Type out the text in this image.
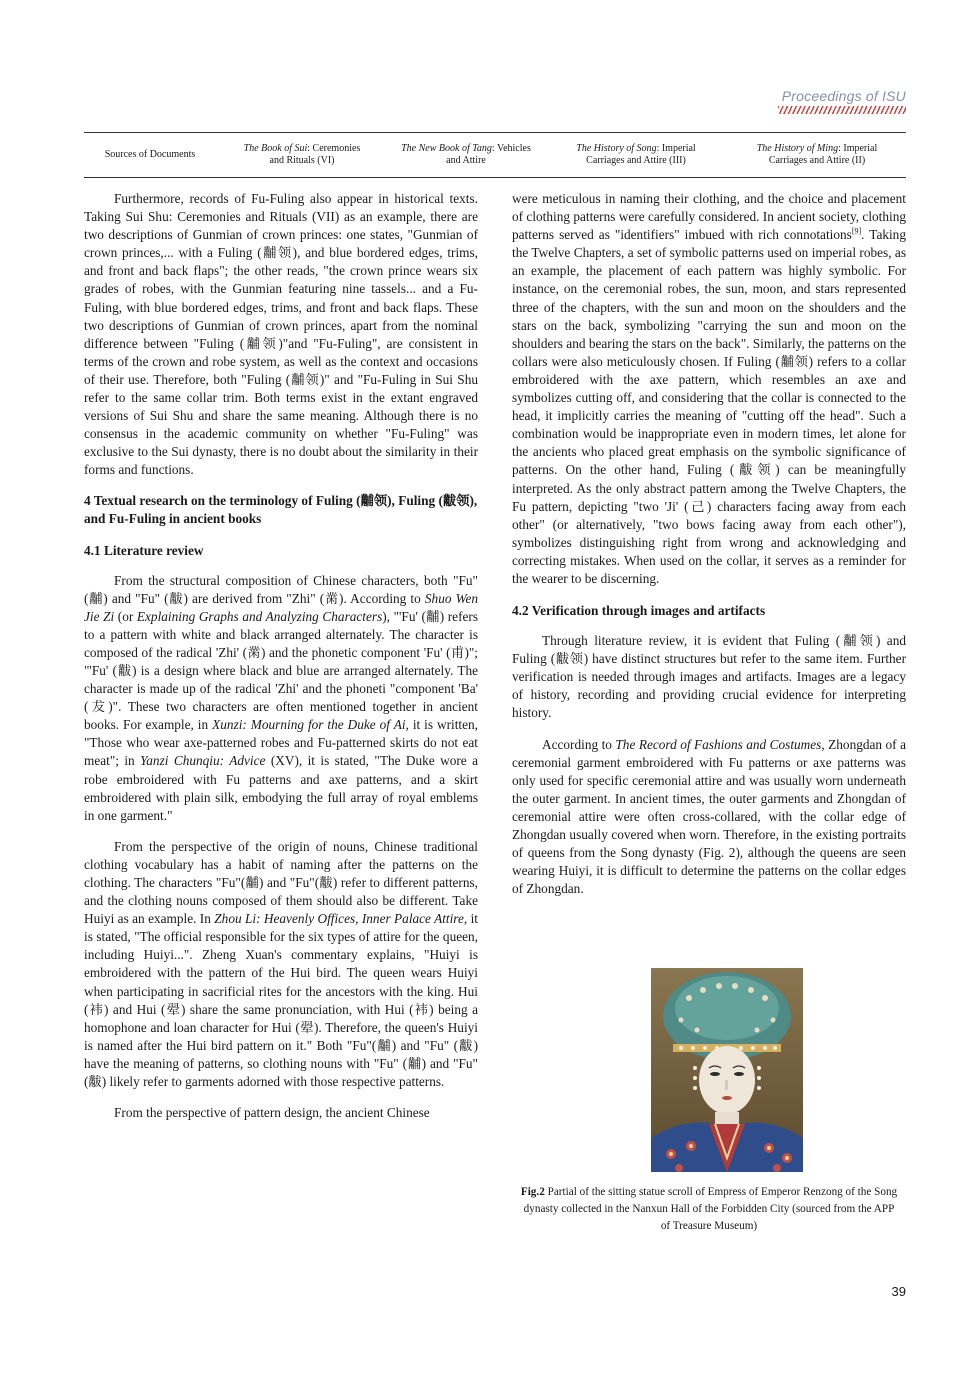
Proceedings of ISU
Sources of Documents
The Book of Sui: Ceremonies
and Rituals (VI)
The New Book of Tang: Vehicles
and Attire
The History of Song: Imperial
Carriages and Attire (III)
The History of Ming: Imperial
Carriages and Attire (II)

Furthermore, records of Fu-Fuling also appear in historical texts. Taking Sui Shu: Ceremonies and Rituals (VII) as an example, there are two descriptions of Gunmian of crown princes: one states, "Gunmian of crown princes,... with a Fuling (黼领), and blue bordered edges, trims, and front and back flaps"; the other reads, "the crown prince wears six grades of robes, with the Gunmian featuring nine tassels... and a Fu-Fuling, with blue bordered edges, trims, and front and back flaps. These two descriptions of Gunmian of crown princes, apart from the nominal difference between "Fuling (黼领)"and "Fu-Fuling", are consistent in terms of the crown and robe system, as well as the context and occasions of their use. Therefore, both "Fuling (黼领)" and "Fu-Fuling in Sui Shu refer to the same collar trim. Both terms exist in the extant engraved versions of Sui Shu and share the same meaning. Although there is no consensus in the academic community on whether "Fu-Fuling" was exclusive to the Sui dynasty, there is no doubt about the similarity in their forms and functions.

4 Textual research on the terminology of Fuling (黼领), Fuling (黻领), and Fu-Fuling in ancient books
4.1 Literature review

From the structural composition of Chinese characters, both "Fu"(黼) and "Fu" (黻) are derived from "Zhi" (黹). According to Shuo Wen Jie Zi (or Explaining Graphs and Analyzing Characters), "'Fu' (黼) refers to a pattern with white and black arranged alternately. The character is composed of the radical 'Zhi' (黹) and the phonetic component 'Fu' (甫)"; "'Fu' (黻) is a design where black and blue are arranged alternately. The character is made up of the radical 'Zhi' and the phoneti "component 'Ba' (犮)". These two characters are often mentioned together in ancient books. For example, in Xunzi: Mourning for the Duke of Ai, it is written, "Those who wear axe-patterned robes and Fu-patterned skirts do not eat meat"; in Yanzi Chunqiu: Advice (XV), it is stated, "The Duke wore a robe embroidered with Fu patterns and axe patterns, and a skirt embroidered with plain silk, embodying the full array of royal emblems in one garment."

From the perspective of the origin of nouns, Chinese traditional clothing vocabulary has a habit of naming after the patterns on the clothing. The characters "Fu"(黼) and "Fu"(黻) refer to different patterns, and the clothing nouns composed of them should also be different. Take Huiyi as an example. In Zhou Li: Heavenly Offices, Inner Palace Attire, it is stated, "The official responsible for the six types of attire for the queen, including Huiyi...". Zheng Xuan's commentary explains, "Huiyi is embroidered with the pattern of the Hui bird. The queen wears Huiyi when participating in sacrificial rites for the ancestors with the king. Hui (袆) and Hui (翚) share the same pronunciation, with Hui (袆) being a homophone and loan character for Hui (翚). Therefore, the queen's Huiyi is named after the Hui bird pattern on it." Both "Fu"(黼) and "Fu" (黻) have the meaning of patterns, so clothing nouns with "Fu" (黼) and "Fu" (黻) likely refer to garments adorned with those respective patterns.

From the perspective of pattern design, the ancient Chinese

were meticulous in naming their clothing, and the choice and placement of clothing patterns were carefully considered. In ancient society, clothing patterns served as "identifiers" imbued with rich connotations[9]. Taking the Twelve Chapters, a set of symbolic patterns used on imperial robes, as an example, the placement of each pattern was highly symbolic. For instance, on the ceremonial robes, the sun, moon, and stars represented three of the chapters, with the sun and moon on the shoulders and the stars on the back, symbolizing "carrying the sun and moon on the shoulders and bearing the stars on the back". Similarly, the patterns on the collars were also meticulously chosen. If Fuling (黼领) refers to a collar embroidered with the axe pattern, which resembles an axe and symbolizes cutting off, and considering that the collar is connected to the head, it implicitly carries the meaning of "cutting off the head". Such a combination would be inappropriate even in modern times, let alone for the ancients who placed great emphasis on the symbolic significance of patterns. On the other hand, Fuling (黻领) can be meaningfully interpreted. As the only abstract pattern among the Twelve Chapters, the Fu pattern, depicting "two 'Ji' (己) characters facing away from each other" (or alternatively, "two bows facing away from each other"), symbolizes distinguishing right from wrong and acknowledging and correcting mistakes. When used on the collar, it serves as a reminder for the wearer to be discerning.

4.2 Verification through images and artifacts

Through literature review, it is evident that Fuling (黼领) and Fuling (黻领) have distinct structures but refer to the same item. Further verification is needed through images and artifacts. Images are a legacy of history, recording and providing crucial evidence for interpreting history.

According to The Record of Fashions and Costumes, Zhongdan of a ceremonial garment embroidered with Fu patterns or axe patterns was only used for specific ceremonial attire and was usually worn underneath the outer garment. In ancient times, the outer garments and Zhongdan of ceremonial attire were often cross-collared, with the collar edge of Zhongdan usually covered when worn. Therefore, in the existing portraits of queens from the Song dynasty (Fig. 2), although the queens are seen wearing Huiyi, it is difficult to determine the patterns on the collar edges of Zhongdan.

Fig.2 Partial of the sitting statue scroll of Empress of Emperor Renzong of the Song dynasty collected in the Nanxun Hall of the Forbidden City (sourced from the APP of Treasure Museum)
39
